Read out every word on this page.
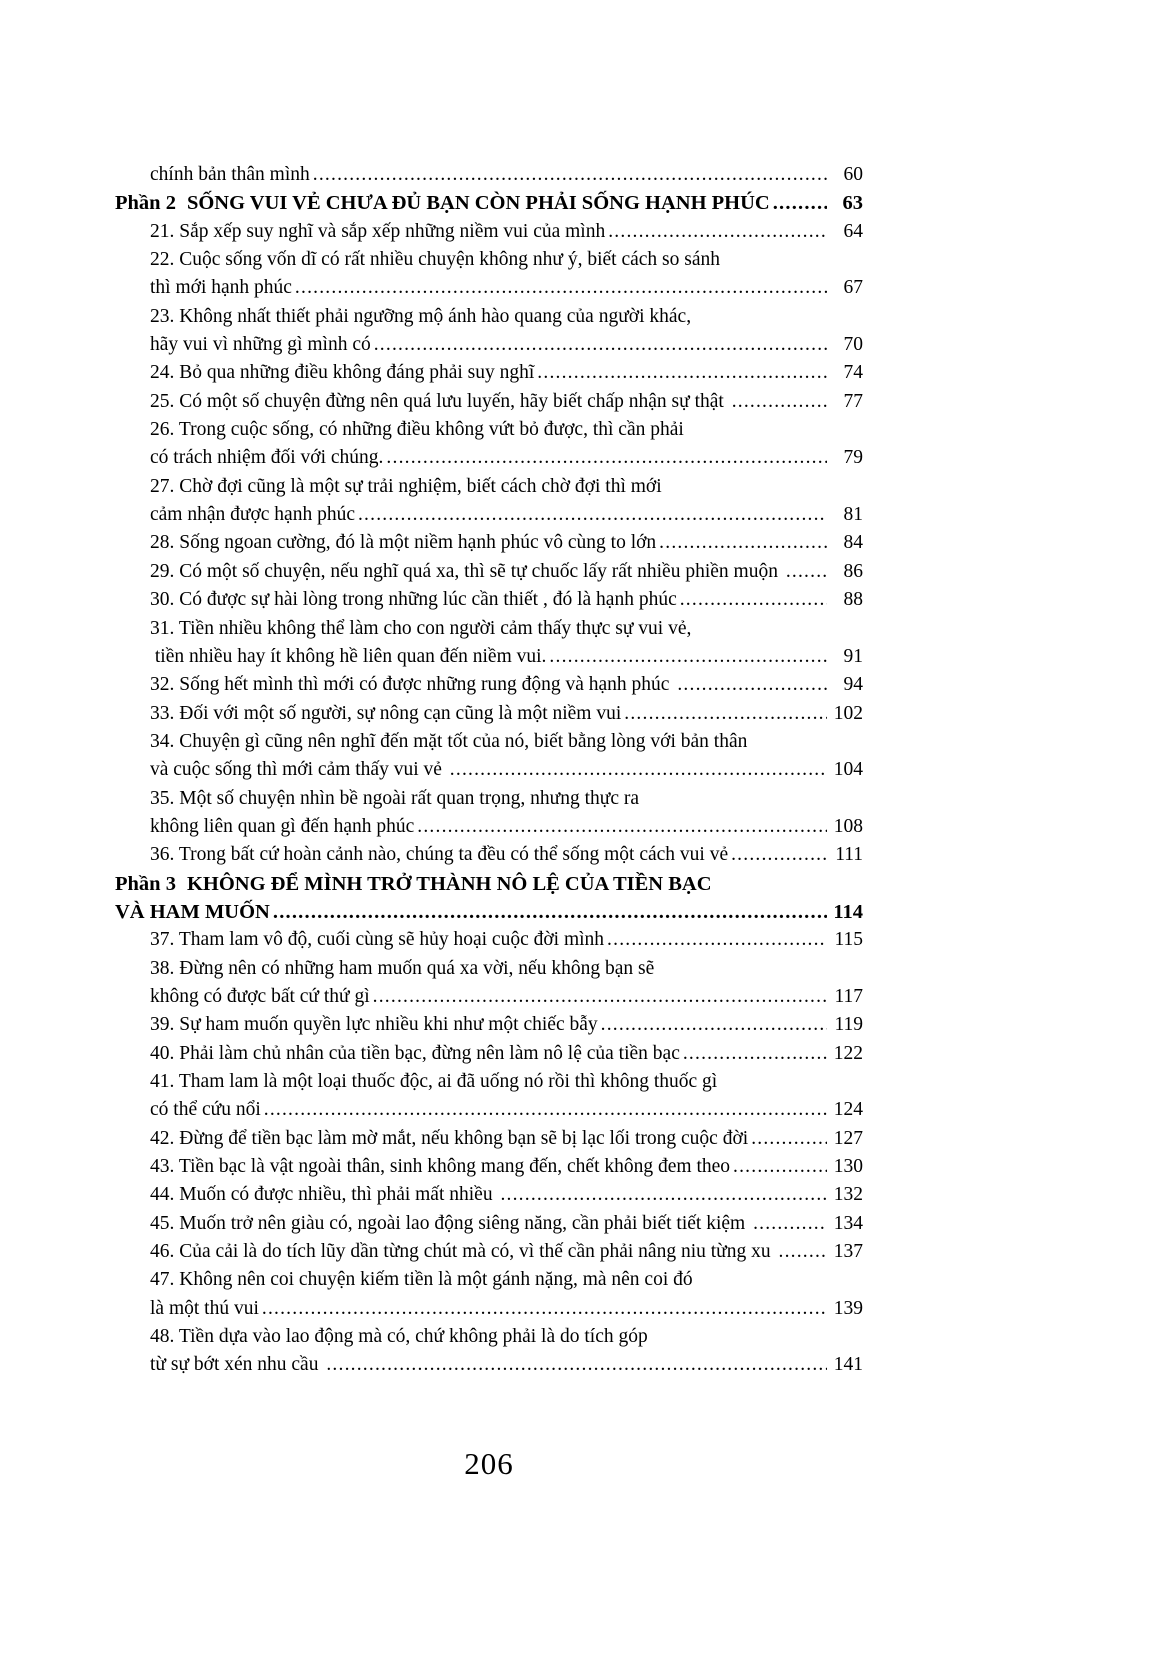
chính bản thân mình .....	60
Phần 2 SỐNG VUI VẺ CHƯA ĐỦ BẠN CÒN PHẢI SỐNG HẠNH PHÚC .....	63
21. Sắp xếp suy nghĩ và sắp xếp những niềm vui của mình .....	64
22. Cuộc sống vốn dĩ có rất nhiều chuyện không như ý, biết cách so sánh
thì mới hạnh phúc .....	67
23. Không nhất thiết phải ngưỡng mộ ánh hào quang của người khác,
hãy vui vì những gì mình có .....	70
24. Bỏ qua những điều không đáng phải suy nghĩ .....	74
25. Có một số chuyện đừng nên quá lưu luyến, hãy biết chấp nhận sự thật .....	77
26. Trong cuộc sống, có những điều không vứt bỏ được, thì cần phải
có trách nhiệm đối với chúng. .....	79
27. Chờ đợi cũng là một sự trải nghiệm, biết cách chờ đợi thì mới
cảm nhận được hạnh phúc .....	81
28. Sống ngoan cường, đó là một niềm hạnh phúc vô cùng to lớn .....	84
29. Có một số chuyện, nếu nghĩ quá xa, thì sẽ tự chuốc lấy rất nhiều phiền muộn .....	86
30. Có được sự hài lòng trong những lúc cần thiết , đó là hạnh phúc .....	88
31. Tiền nhiều không thể làm cho con người cảm thấy thực sự vui vẻ,
tiền nhiều hay ít không hề liên quan đến niềm vui. .....	91
32. Sống hết mình thì mới có được những rung động và hạnh phúc .....	94
33. Đối với một số người, sự nông cạn cũng là một niềm vui .....	102
34. Chuyện gì cũng nên nghĩ đến mặt tốt của nó, biết bằng lòng với bản thân
và cuộc sống thì mới cảm thấy vui vẻ .....	104
35. Một số chuyện nhìn bề ngoài rất quan trọng, nhưng thực ra
không liên quan gì đến hạnh phúc .....	108
36. Trong bất cứ hoàn cảnh nào, chúng ta đều có thể sống một cách vui vẻ .....	111
Phần 3 KHÔNG ĐỂ MÌNH TRỞ THÀNH NÔ LỆ CỦA TIỀN BẠC
VÀ HAM MUỐN .....	114
37. Tham lam vô độ, cuối cùng sẽ hủy hoại cuộc đời mình .....	115
38. Đừng nên có những ham muốn quá xa vời, nếu không bạn sẽ
không có được bất cứ thứ gì .....	117
39. Sự ham muốn quyền lực nhiều khi như một chiếc bẫy .....	119
40. Phải làm chủ nhân của tiền bạc, đừng nên làm nô lệ của tiền bạc .....	122
41. Tham lam là một loại thuốc độc, ai đã uống nó rồi thì không thuốc gì
có thể cứu nổi .....	124
42. Đừng để tiền bạc làm mờ mắt, nếu không bạn sẽ bị lạc lối trong cuộc đời .....	127
43. Tiền bạc là vật ngoài thân, sinh không mang đến, chết không đem theo .....	130
44. Muốn có được nhiều, thì phải mất nhiều .....	132
45. Muốn trở nên giàu có, ngoài lao động siêng năng, cần phải biết tiết kiệm .....	134
46. Của cải là do tích lũy dần từng chút mà có, vì thế cần phải nâng niu từng xu .....	137
47. Không nên coi chuyện kiếm tiền là một gánh nặng, mà nên coi đó
là một thú vui .....	139
48. Tiền dựa vào lao động mà có, chứ không phải là do tích góp
từ sự bớt xén nhu cầu .....	141
206
